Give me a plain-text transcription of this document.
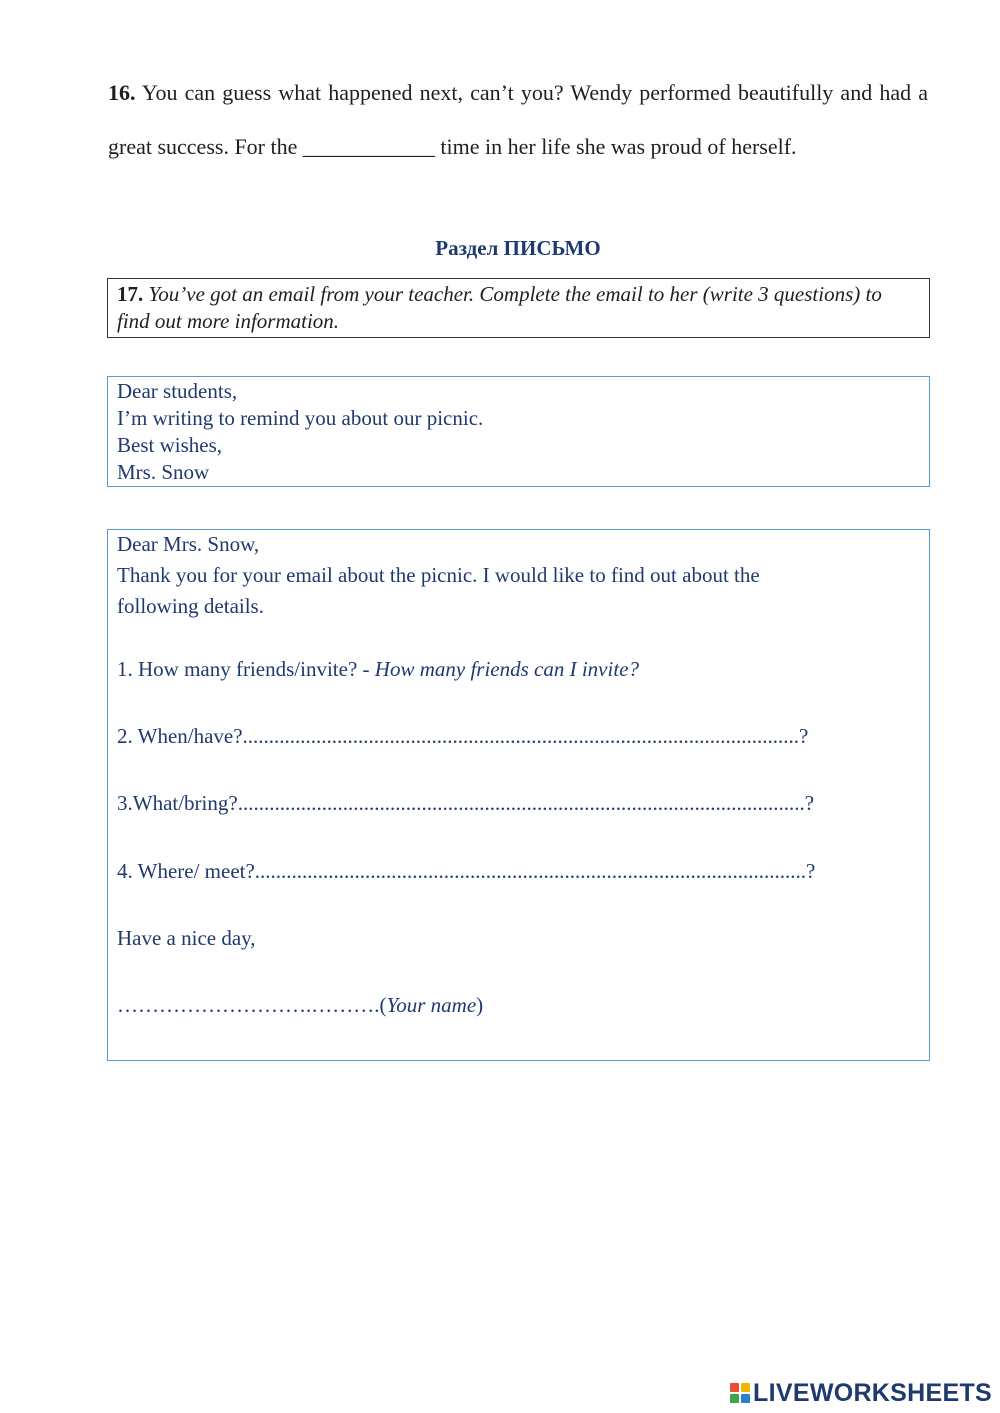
16. You can guess what happened next, can’t you? Wendy performed beautifully and had a great success. For the ____________ time in her life she was proud of herself.
Раздел ПИСЬМО
17. You’ve got an email from your teacher. Complete the email to her (write 3 questions) to find out more information.
Dear students,
I’m writing to remind you about our picnic.
Best wishes,
Mrs. Snow
Dear Mrs. Snow,
Thank you for your email about the picnic. I would like to find out about the
following details.
1. How many friends/invite? - How many friends can I invite?
2. When/have?..........................................................................................................?
3.What/bring?............................................................................................................?
4. Where/ meet?.........................................................................................................?
Have a nice day,
……………………….……….(Your name)
LIVEWORKSHEETS
